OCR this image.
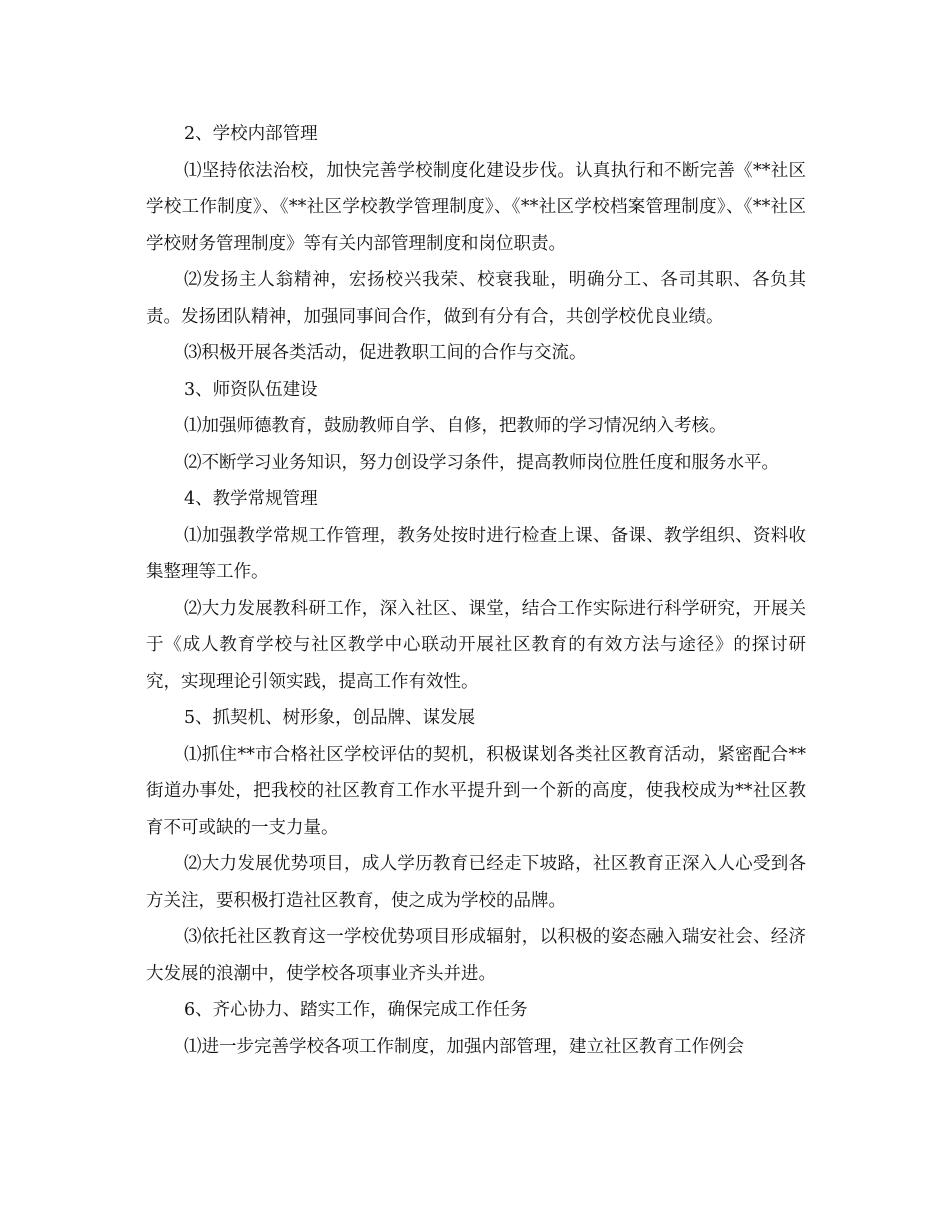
2、学校内部管理

⑴坚持依法治校，加快完善学校制度化建设步伐。认真执行和不断完善《**社区学校工作制度》、《**社区学校教学管理制度》、《**社区学校档案管理制度》、《**社区学校财务管理制度》等有关内部管理制度和岗位职责。

⑵发扬主人翁精神，宏扬校兴我荣、校衰我耻，明确分工、各司其职、各负其责。发扬团队精神，加强同事间合作，做到有分有合，共创学校优良业绩。

⑶积极开展各类活动，促进教职工间的合作与交流。

3、师资队伍建设

⑴加强师德教育，鼓励教师自学、自修，把教师的学习情况纳入考核。

⑵不断学习业务知识，努力创设学习条件，提高教师岗位胜任度和服务水平。

4、教学常规管理

⑴加强教学常规工作管理，教务处按时进行检查上课、备课、教学组织、资料收集整理等工作。

⑵大力发展教科研工作，深入社区、课堂，结合工作实际进行科学研究，开展关于《成人教育学校与社区教学中心联动开展社区教育的有效方法与途径》的探讨研究，实现理论引领实践，提高工作有效性。

5、抓契机、树形象，创品牌、谋发展

⑴抓住**市合格社区学校评估的契机，积极谋划各类社区教育活动，紧密配合**街道办事处，把我校的社区教育工作水平提升到一个新的高度，使我校成为**社区教育不可或缺的一支力量。

⑵大力发展优势项目，成人学历教育已经走下坡路，社区教育正深入人心受到各方关注，要积极打造社区教育，使之成为学校的品牌。

⑶依托社区教育这一学校优势项目形成辐射，以积极的姿态融入瑞安社会、经济大发展的浪潮中，使学校各项事业齐头并进。

6、齐心协力、踏实工作，确保完成工作任务

⑴进一步完善学校各项工作制度，加强内部管理，建立社区教育工作例会
